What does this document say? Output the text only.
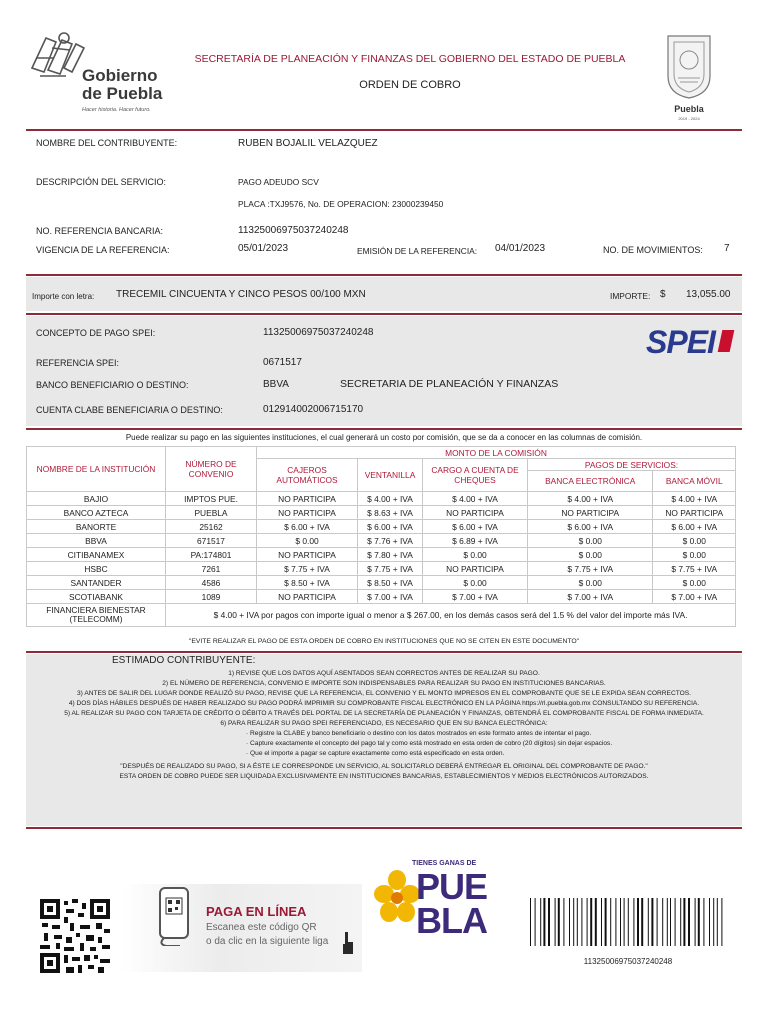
Gobierno
de Puebla
Hacer historia. Hacer futuro.
SECRETARÍA DE PLANEACIÓN Y FINANZAS DEL GOBIERNO DEL ESTADO DE PUEBLA
ORDEN DE COBRO
Puebla
2019 - 2024
NOMBRE DEL CONTRIBUYENTE:	RUBEN BOJALIL VELAZQUEZ
DESCRIPCIÓN DEL SERVICIO:	PAGO ADEUDO SCV
PLACA :TXJ9576, No. DE OPERACION: 23000239450
NO. REFERENCIA BANCARIA:	11325006975037240248
VIGENCIA DE LA REFERENCIA:	05/01/2023	EMISIÓN DE LA REFERENCIA: 04/01/2023	NO. DE MOVIMIENTOS: 7
Importe con letra: TRECEMIL CINCUENTA Y CINCO PESOS 00/100 MXN	IMPORTE: $ 13,055.00
CONCEPTO DE PAGO SPEI:	11325006975037240248
REFERENCIA SPEI:	0671517
BANCO BENEFICIARIO O DESTINO:	BBVA	SECRETARIA DE PLANEACIÓN Y FINANZAS
CUENTA CLABE BENEFICIARIA O DESTINO:	012914002006715170
SPEI
Puede realizar su pago en las siguientes instituciones, el cual generará un costo por comisión, que se da a conocer en las columnas de comisión.
NOMBRE DE LA INSTITUCIÓN	NÚMERO DE CONVENIO	MONTO DE LA COMISIÓN				
		CAJEROS AUTOMÁTICOS	VENTANILLA	CARGO A CUENTA DE CHEQUES	PAGOS DE SERVICIOS:	
					BANCA ELECTRÓNICA	BANCA MÓVIL
BAJIO	IMPTOS PUE.	NO PARTICIPA	$ 4.00 + IVA	$ 4.00 + IVA	$ 4.00 + IVA	$ 4.00 + IVA
BANCO AZTECA	PUEBLA	NO PARTICIPA	$ 8.63 + IVA	NO PARTICIPA	NO PARTICIPA	NO PARTICIPA
BANORTE	25162	$ 6.00 + IVA	$ 6.00 + IVA	$ 6.00 + IVA	$ 6.00 + IVA	$ 6.00 + IVA
BBVA	671517	$ 0.00	$ 7.76 + IVA	$ 6.89 + IVA	$ 0.00	$ 0.00
CITIBANAMEX	PA:174801	NO PARTICIPA	$ 7.80 + IVA	$ 0.00	$ 0.00	$ 0.00
HSBC	7261	$ 7.75 + IVA	$ 7.75 + IVA	NO PARTICIPA	$ 7.75 + IVA	$ 7.75 + IVA
SANTANDER	4586	$ 8.50 + IVA	$ 8.50 + IVA	$ 0.00	$ 0.00	$ 0.00
SCOTIABANK	1089	NO PARTICIPA	$ 7.00 + IVA	$ 7.00 + IVA	$ 7.00 + IVA	$ 7.00 + IVA
FINANCIERA BIENESTAR (TELECOMM)	$ 4.00 + IVA por pagos con importe igual o menor a $ 267.00, en los demás casos será del 1.5 % del valor del importe más IVA.					
"EVITE REALIZAR EL PAGO DE ESTA ORDEN DE COBRO EN INSTITUCIONES QUE NO SE CITEN EN ESTE DOCUMENTO"
ESTIMADO CONTRIBUYENTE:

1) REVISE QUE LOS DATOS AQUÍ ASENTADOS SEAN CORRECTOS ANTES DE REALIZAR SU PAGO.

2) EL NÚMERO DE REFERENCIA, CONVENIO E IMPORTE SON INDISPENSABLES PARA REALIZAR SU PAGO EN INSTITUCIONES BANCARIAS.

3) ANTES DE SALIR DEL LUGAR DONDE REALIZÓ SU PAGO, REVISE QUE LA REFERENCIA, EL CONVENIO Y EL MONTO IMPRESOS EN EL COMPROBANTE QUE SE LE EXPIDA SEAN CORRECTOS.

4) DOS DÍAS HÁBILES DESPUÉS DE HABER REALIZADO SU PAGO PODRÁ IMPRIMIR SU COMPROBANTE FISCAL ELECTRÓNICO EN LA PÁGINA https://rl.puebla.gob.mx CONSULTANDO SU REFERENCIA.

5) AL REALIZAR SU PAGO CON TARJETA DE CRÉDITO O DÉBITO A TRAVÉS DEL PORTAL DE LA SECRETARÍA DE PLANEACIÓN Y FINANZAS, OBTENDRÁ EL COMPROBANTE FISCAL DE FORMA INMEDIATA.

6) PARA REALIZAR SU PAGO SPEI REFERENCIADO, ES NECESARIO QUE EN SU BANCA ELECTRÓNICA:

· Registre la CLABE y banco beneficiario o destino con los datos mostrados en este formato antes de intentar el pago.

· Capture exactamente el concepto del pago tal y como está mostrado en esta orden de cobro (20 dígitos) sin dejar espacios.

· Que el importe a pagar se capture exactamente como está especificado en esta orden.

"DESPUÉS DE REALIZADO SU PAGO, SI A ÉSTE LE CORRESPONDE UN SERVICIO, AL SOLICITARLO DEBERÁ ENTREGAR EL ORIGINAL DEL COMPROBANTE DE PAGO."

ESTA ORDEN DE COBRO PUEDE SER LIQUIDADA EXCLUSIVAMENTE EN INSTITUCIONES BANCARIAS, ESTABLECIMIENTOS Y MEDIOS ELECTRÓNICOS AUTORIZADOS.

PAGA EN LÍNEA
Escanea este código QR
o da clic en la siguiente liga
TIENES GANAS DE
PUE
BLA
11325006975037240248
